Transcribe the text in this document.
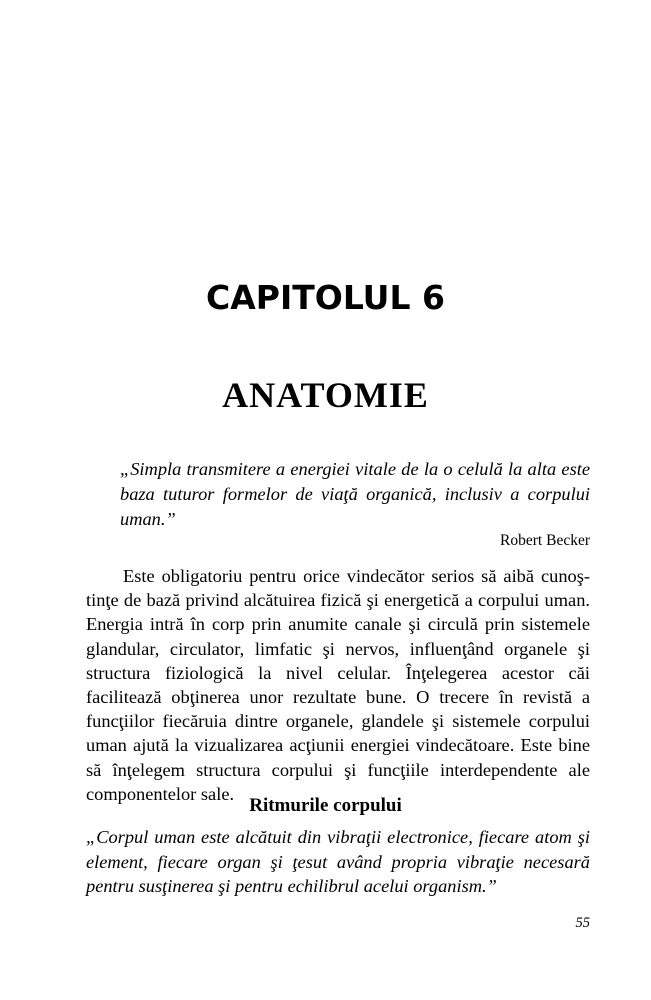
CAPITOLUL 6
ANATOMIE

„Simpla transmitere a energiei vitale de la o celulă la alta este baza tuturor formelor de viaţă organică, inclusiv a corpului uman.”

Robert Becker

Este obligatoriu pentru orice vindecător serios să aibă cunoştinţe de bază privind alcătuirea fizică şi energetică a corpului uman. Energia intră în corp prin anumite canale şi circulă prin sistemele glandular, circulator, limfatic şi nervos, influenţând organele şi structura fiziologică la nivel celular. Înţelegerea acestor căi facilitează obţinerea unor rezultate bune. O trecere în revistă a funcţiilor fiecăruia dintre organele, glandele şi sistemele corpului uman ajută la vizualizarea acţiunii energiei vindecătoare. Este bine să înţelegem structura corpului şi funcţiile interdependente ale componentelor sale.

Ritmurile corpului

„Corpul uman este alcătuit din vibraţii electronice, fiecare atom şi element, fiecare organ şi ţesut având propria vibraţie necesară pentru susţinerea şi pentru echilibrul acelui organism.”

55
